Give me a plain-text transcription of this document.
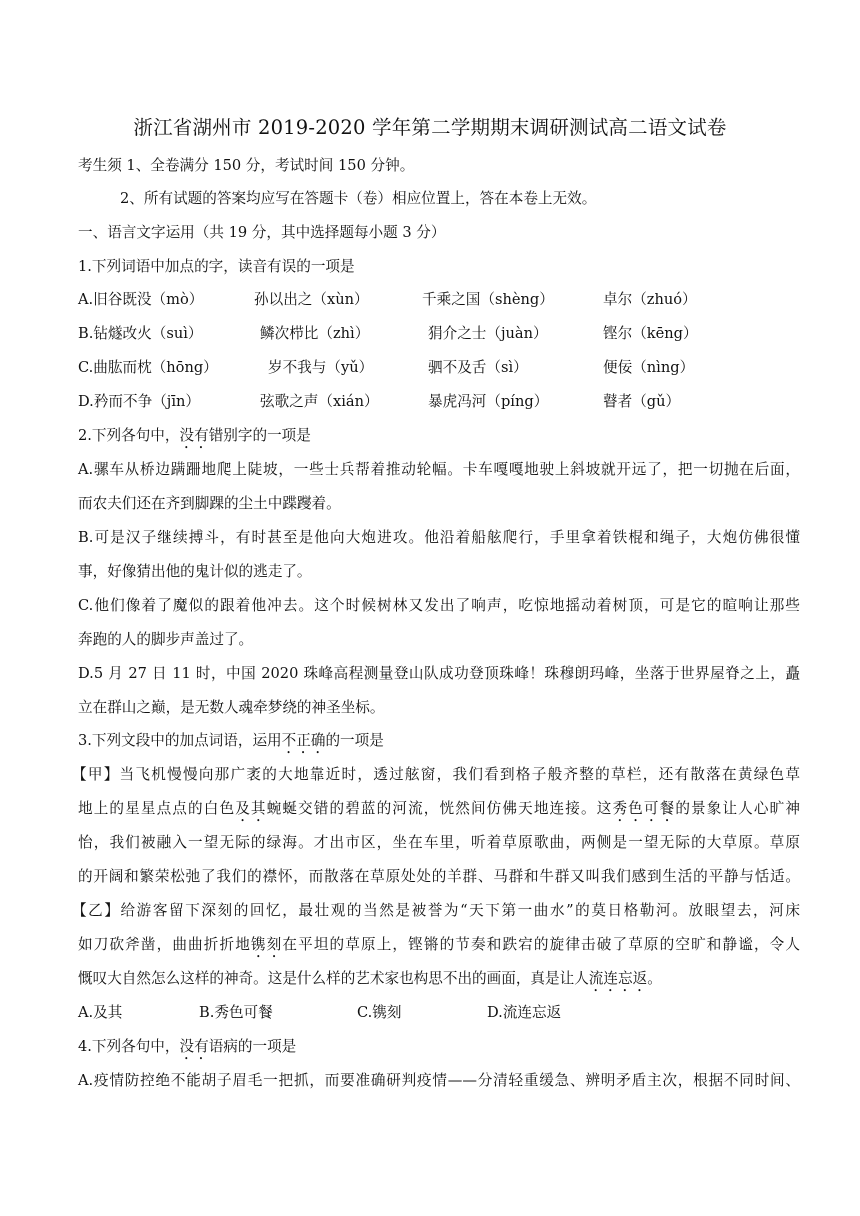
浙江省湖州市 2019-2020 学年第二学期期末调研测试高二语文试卷
考生须 1、全卷满分 150 分，考试时间 150 分钟。
2、所有试题的答案均应写在答题卡（卷）相应位置上，答在本卷上无效。
一、语言文字运用（共 19 分，其中选择题每小题 3 分）
1.下列词语中加点的字，读音有误的一项是
A.旧谷既没（mò）	孙以出之（xùn）	千乘之国（shèng）	卓尔（zhuó）
B.钻燧改火（suì）	鳞次栉比（zhì）	狷介之士（juàn）	铿尔（kēng）
C.曲肱而枕（hōng）	岁不我与（yǔ）	驷不及舌（sì）	便佞（nìng）
D.矜而不争（jīn）	弦歌之声（xián）	暴虎冯河（píng）	瞽者（gǔ）
2.下列各句中，没有错别字的一项是
A.骡车从桥边蹒跚地爬上陡坡，一些士兵帮着推动轮幅。卡车嘎嘎地驶上斜坡就开远了，把一切抛在后面，
而农夫们还在齐到脚踝的尘土中蹀躞着。
B.可是汉子继续搏斗，有时甚至是他向大炮进攻。他沿着船舷爬行，手里拿着铁棍和绳子，大炮仿佛很懂
事，好像猜出他的鬼计似的逃走了。
C.他们像着了魔似的跟着他冲去。这个时候树林又发出了响声，吃惊地摇动着树顶，可是它的暄响让那些
奔跑的人的脚步声盖过了。
D.5 月 27 日 11 时，中国 2020 珠峰高程测量登山队成功登顶珠峰！珠穆朗玛峰，坐落于世界屋脊之上，矗
立在群山之巅，是无数人魂牵梦绕的神圣坐标。
3.下列文段中的加点词语，运用不正确的一项是
【甲】当飞机慢慢向那广袤的大地靠近时，透过舷窗，我们看到格子般齐整的草栏，还有散落在黄绿色草
地上的星星点点的白色及其蜿蜒交错的碧蓝的河流，恍然间仿佛天地连接。这秀色可餐的景象让人心旷神
怡，我们被融入一望无际的绿海。才出市区，坐在车里，听着草原歌曲，两侧是一望无际的大草原。草原
的开阔和繁荣松弛了我们的襟怀，而散落在草原处处的羊群、马群和牛群又叫我们感到生活的平静与恬适。
【乙】给游客留下深刻的回忆，最壮观的当然是被誉为“天下第一曲水”的莫日格勒河。放眼望去，河床
如刀砍斧凿，曲曲折折地镌刻在平坦的草原上，铿锵的节奏和跌宕的旋律击破了草原的空旷和静谧，令人
慨叹大自然怎么这样的神奇。这是什么样的艺术家也构思不出的画面，真是让人流连忘返。
A.及其	B.秀色可餐	C.镌刻	D.流连忘返
4.下列各句中，没有语病的一项是
A.疫情防控绝不能胡子眉毛一把抓，而要准确研判疫情——分清轻重缓急、辨明矛盾主次，根据不同时间、
